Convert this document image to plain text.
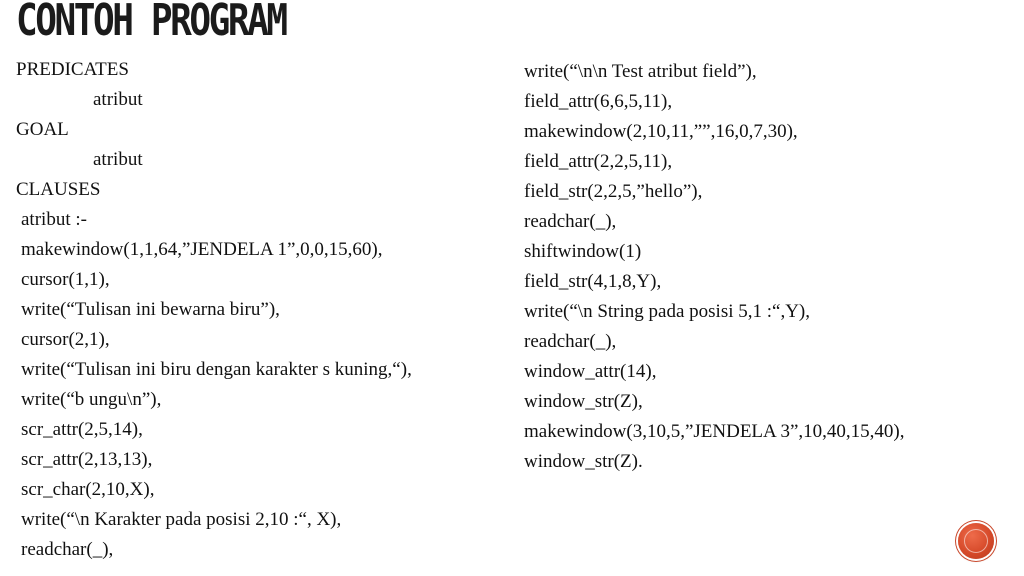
CONTOH PROGRAM
PREDICATES
atribut
GOAL
atribut
CLAUSES
atribut :-
makewindow(1,1,64,”JENDELA 1”,0,0,15,60),
cursor(1,1),
write(“Tulisan ini bewarna biru”),
cursor(2,1),
write(“Tulisan ini biru dengan karakter s kuning,“),
write(“b ungu\n”),
scr_attr(2,5,14),
scr_attr(2,13,13),
scr_char(2,10,X),
write(“\n Karakter pada posisi 2,10 :“, X),
readchar(_),
write(“\n\n Test atribut field”),
field_attr(6,6,5,11),
makewindow(2,10,11,””,16,0,7,30),
field_attr(2,2,5,11),
field_str(2,2,5,”hello”),
readchar(_),
shiftwindow(1)
field_str(4,1,8,Y),
write(“\n String pada posisi 5,1 :“,Y),
readchar(_),
window_attr(14),
window_str(Z),
makewindow(3,10,5,”JENDELA 3”,10,40,15,40),
window_str(Z).
